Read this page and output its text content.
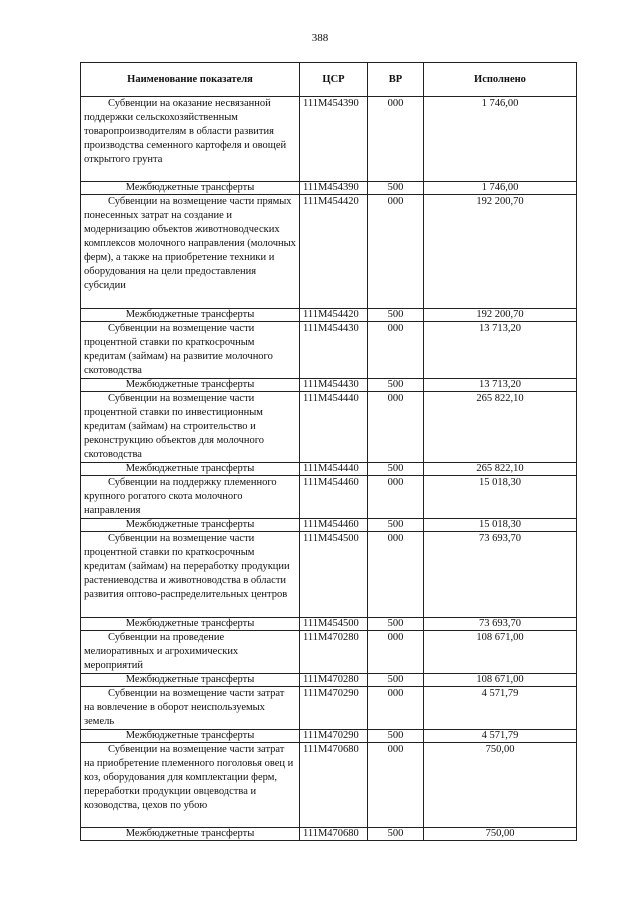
388
Наименование показателя	ЦСР	ВР	Исполнено
Субвенции на оказание несвязанной поддержки сельскохозяйственным товаропроизводителям в области развития производства семенного картофеля и овощей открытого грунта	111М454390	000	1 746,00
Межбюджетные трансферты	111М454390	500	1 746,00
Субвенции на возмещение части прямых понесенных затрат на создание и модернизацию объектов животноводческих комплексов молочного направления (молочных ферм), а также на приобретение техники и оборудования на цели предоставления субсидии	111М454420	000	192 200,70
Межбюджетные трансферты	111М454420	500	192 200,70
Субвенции на возмещение части процентной ставки по краткосрочным кредитам (займам) на развитие молочного скотоводства	111М454430	000	13 713,20
Межбюджетные трансферты	111М454430	500	13 713,20
Субвенции на возмещение части процентной ставки по инвестиционным кредитам (займам) на строительство и реконструкцию объектов для молочного скотоводства	111М454440	000	265 822,10
Межбюджетные трансферты	111М454440	500	265 822,10
Субвенции на поддержку племенного крупного рогатого скота молочного направления	111М454460	000	15 018,30
Межбюджетные трансферты	111М454460	500	15 018,30
Субвенции на возмещение части процентной ставки по краткосрочным кредитам (займам) на переработку продукции растениеводства и животноводства в области развития оптово-распределительных центров	111М454500	000	73 693,70
Межбюджетные трансферты	111М454500	500	73 693,70
Субвенции на проведение мелиоративных и агрохимических мероприятий	111М470280	000	108 671,00
Межбюджетные трансферты	111М470280	500	108 671,00
Субвенции на возмещение части затрат на вовлечение в оборот неиспользуемых земель	111М470290	000	4 571,79
Межбюджетные трансферты	111М470290	500	4 571,79
Субвенции на возмещение части затрат на приобретение племенного поголовья овец и коз, оборудования для комплектации ферм, переработки продукции овцеводства и козоводства, цехов по убою	111М470680	000	750,00
Межбюджетные трансферты	111М470680	500	750,00
